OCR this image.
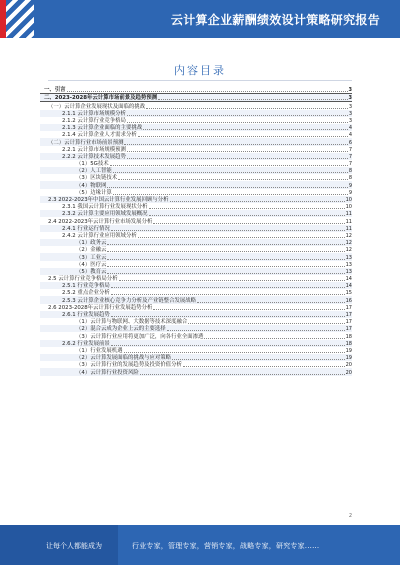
云计算企业薪酬绩效设计策略研究报告
内容目录
一、引言	3
二、2023-2028年云计算市场前景及趋势预测	3
（一）云计算企业发展现状及面临的挑战	3
2.1.1 云计算市场规模分析	3
2.1.2 云计算行业竞争格局	3
2.1.3 云计算企业面临的主要挑战	4
2.1.4 云计算企业人才需求分析	4
（二）云计算行业市场前景预测	6
2.2.1 云计算市场规模预测	7
2.2.2 云计算技术发展趋势	7
（1）5G技术	7
（2）人工智能	8
（3）区块链技术	8
（4）物联网	9
（5）边缘计算	9
2.3 2022-2023年中国云计算行业发展回顾与分析	10
2.3.1 我国云计算行业发展现状分析	10
2.3.2 云计算主要应用领域发展概况	11
2.4 2022-2023年云计算行业市场发展分析	11
2.4.1 行业运行情况	11
2.4.2 云计算行业应用领域分析	12
（1）政务云	12
（2）金融云	12
（3）工业云	13
（4）医疗云	13
（5）教育云	13
2.5 云计算行业竞争格局分析	14
2.5.1 行业竞争格局	14
2.5.2 重点企业分析	15
2.5.3 云计算企业核心竞争力分析及产业链整合发展战略	16
2.6 2023-2028年云计算行业发展趋势分析	17
2.6.1 行业发展趋势	17
（1）云计算与物联网、大数据等技术深度融合	17
（2）混合云成为企业上云的主要选择	17
（3）云计算行业应用将更加广泛，向各行业全面渗透	18
2.6.2 行业发展前景	18
（1）行业发展机遇	19
（2）云计算发展面临的挑战与应对策略	19
（3）云计算行业的发展趋势及投资价值分析	20
（4）云计算行业投资风险	20
2
让每个人都能成为	行业专家，管理专家，营销专家，战略专家，研究专家......
